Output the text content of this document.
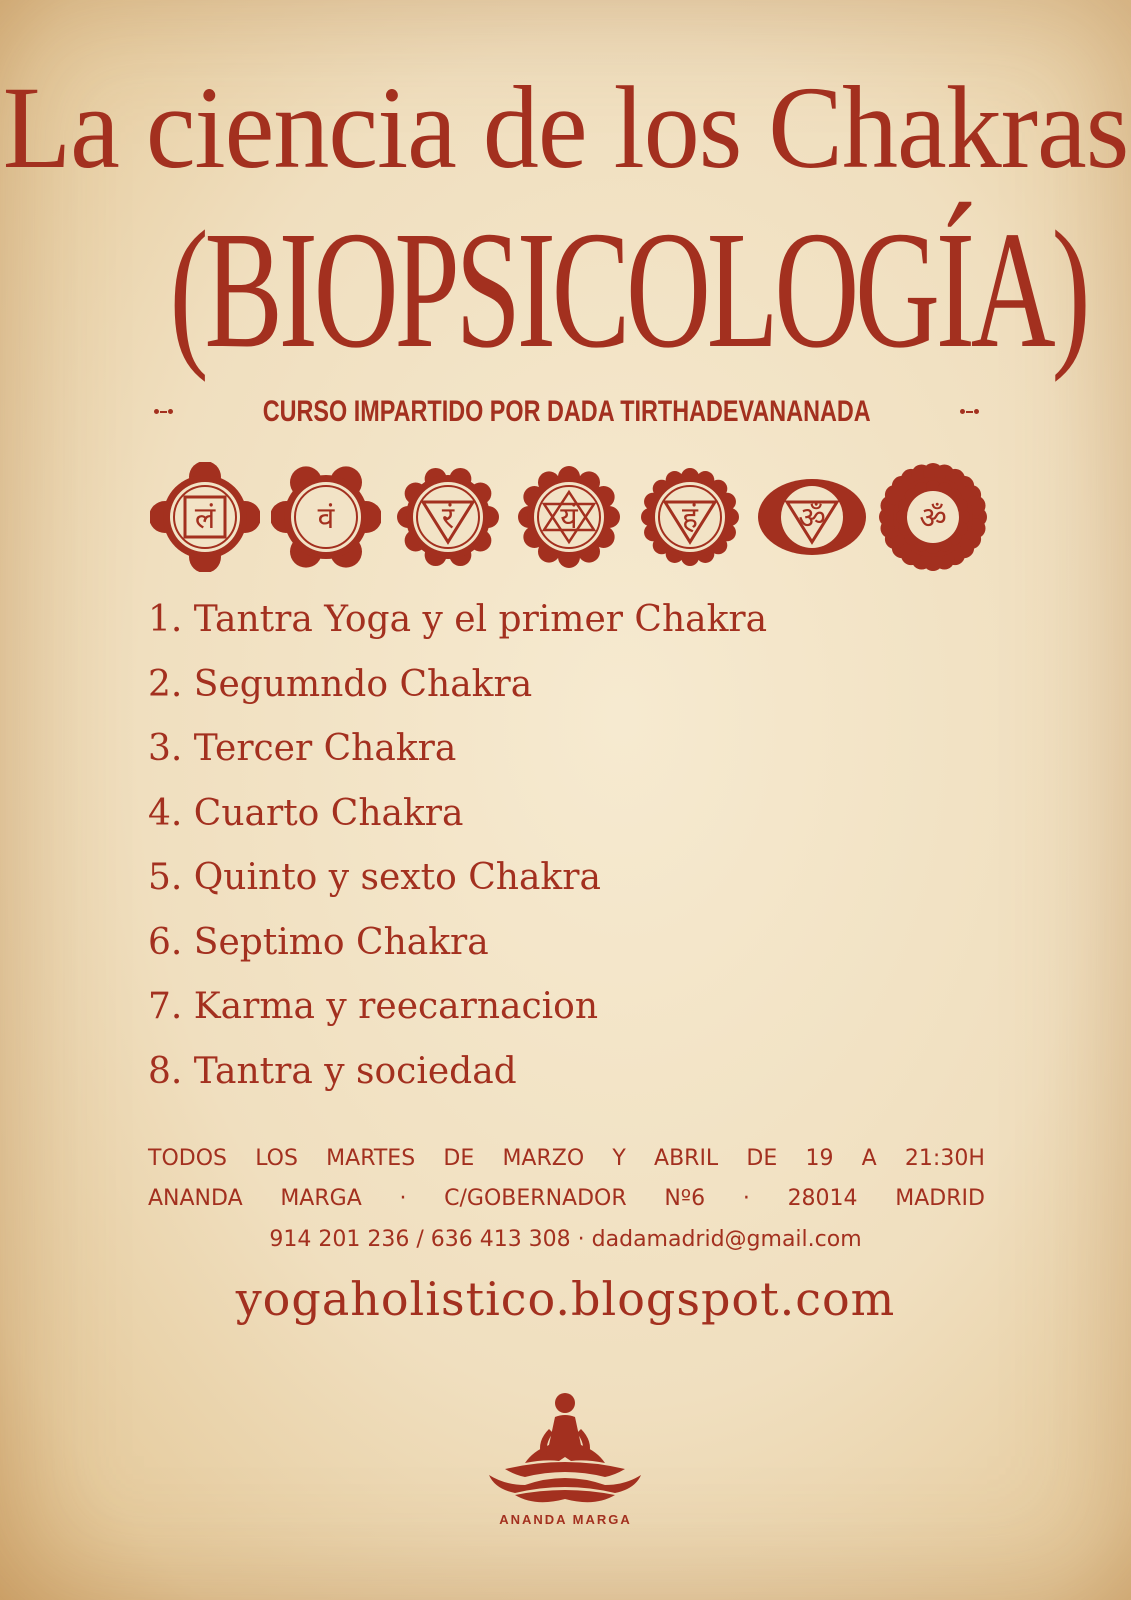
La ciencia de los Chakras
(BIOPSICOLOGÍA)
CURSO IMPARTIDO POR DADA TIRTHADEVANANADA
लं	वं	रं	यं	हं	ॐ	ॐ
1. Tantra Yoga y el primer Chakra
2. Segumndo Chakra
3. Tercer Chakra
4. Cuarto Chakra
5. Quinto y sexto Chakra
6. Septimo Chakra
7. Karma y reecarnacion
8. Tantra y sociedad
TODOS LOS MARTES DE MARZO Y ABRIL DE 19 A 21:30H
ANANDA MARGA · C/GOBERNADOR Nº6 · 28014 MADRID
914 201 236 / 636 413 308 · dadamadrid@gmail.com
yogaholistico.blogspot.com
ANANDA MARGA
